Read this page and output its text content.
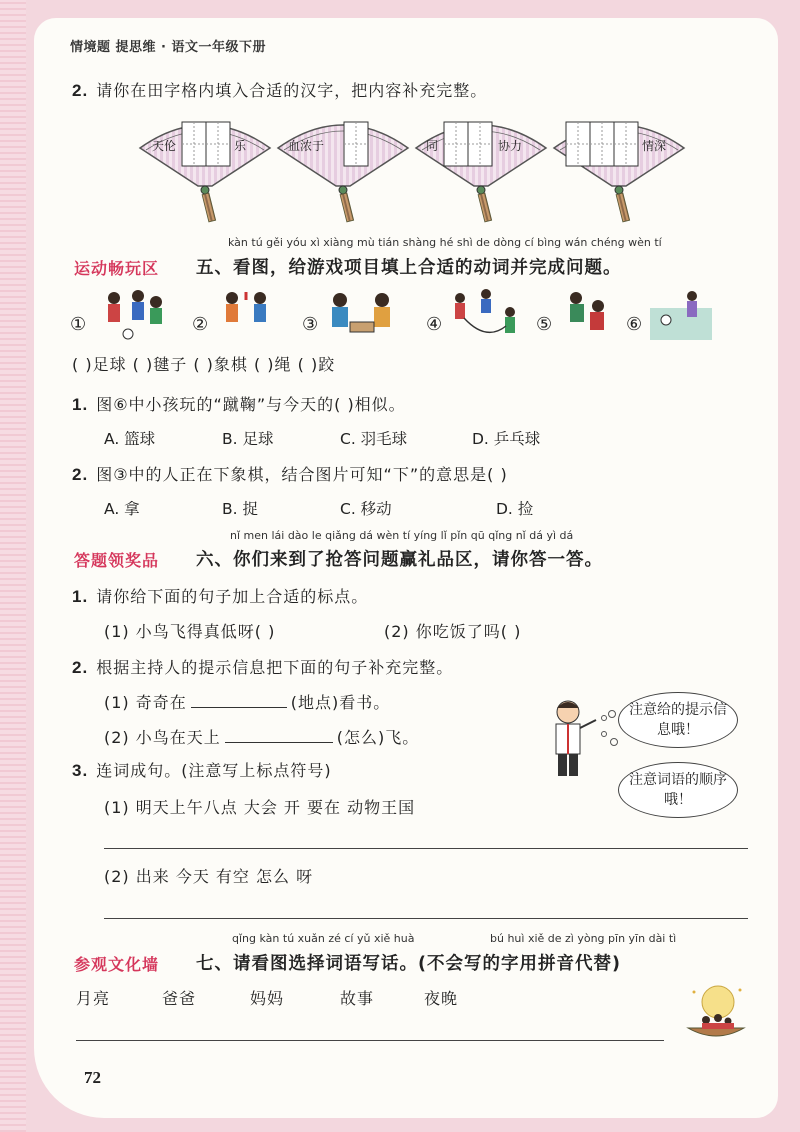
情境题 提思维 · 语文一年级下册
2. 请你在田字格内填入合适的汉字，把内容补充完整。
天伦	乐	血浓于	同	协力	情深
kàn tú gěi yóu xì xiàng mù tián shàng hé shì de dòng cí bìng wán chéng wèn tí
运动畅玩区 五、看图，给游戏项目填上合适的动词并完成问题。
①	②	③	④	⑤	⑥
( )足球 ( )毽子 ( )象棋 ( )绳 ( )跤
1. 图⑥中小孩玩的“蹴鞠”与今天的( )相似。
A. 篮球	B. 足球	C. 羽毛球	D. 乒乓球
2. 图③中的人正在下象棋，结合图片可知“下”的意思是( )
A. 拿	B. 捉	C. 移动	D. 捡
nǐ men lái dào le qiǎng dá wèn tí yíng lǐ pǐn qū qǐng nǐ dá yì dá
答题领奖品 六、你们来到了抢答问题赢礼品区，请你答一答。
1. 请你给下面的句子加上合适的标点。
(1) 小鸟飞得真低呀( )	(2) 你吃饭了吗( )
2. 根据主持人的提示信息把下面的句子补充完整。
(1) 奇奇在	(地点)看书。
(2) 小鸟在天上	(怎么)飞。
注意给的提示信息哦！
注意词语的顺序哦！
3. 连词成句。(注意写上标点符号)
(1) 明天上午八点 大会 开 要在 动物王国
(2) 出来 今天 有空 怎么 呀
qǐng kàn tú xuǎn zé cí yǔ xiě huà	bú huì xiě de zì yòng pīn yīn dài tì
参观文化墙 七、请看图选择词语写话。(不会写的字用拼音代替)
月亮	爸爸	妈妈	故事	夜晚
72
